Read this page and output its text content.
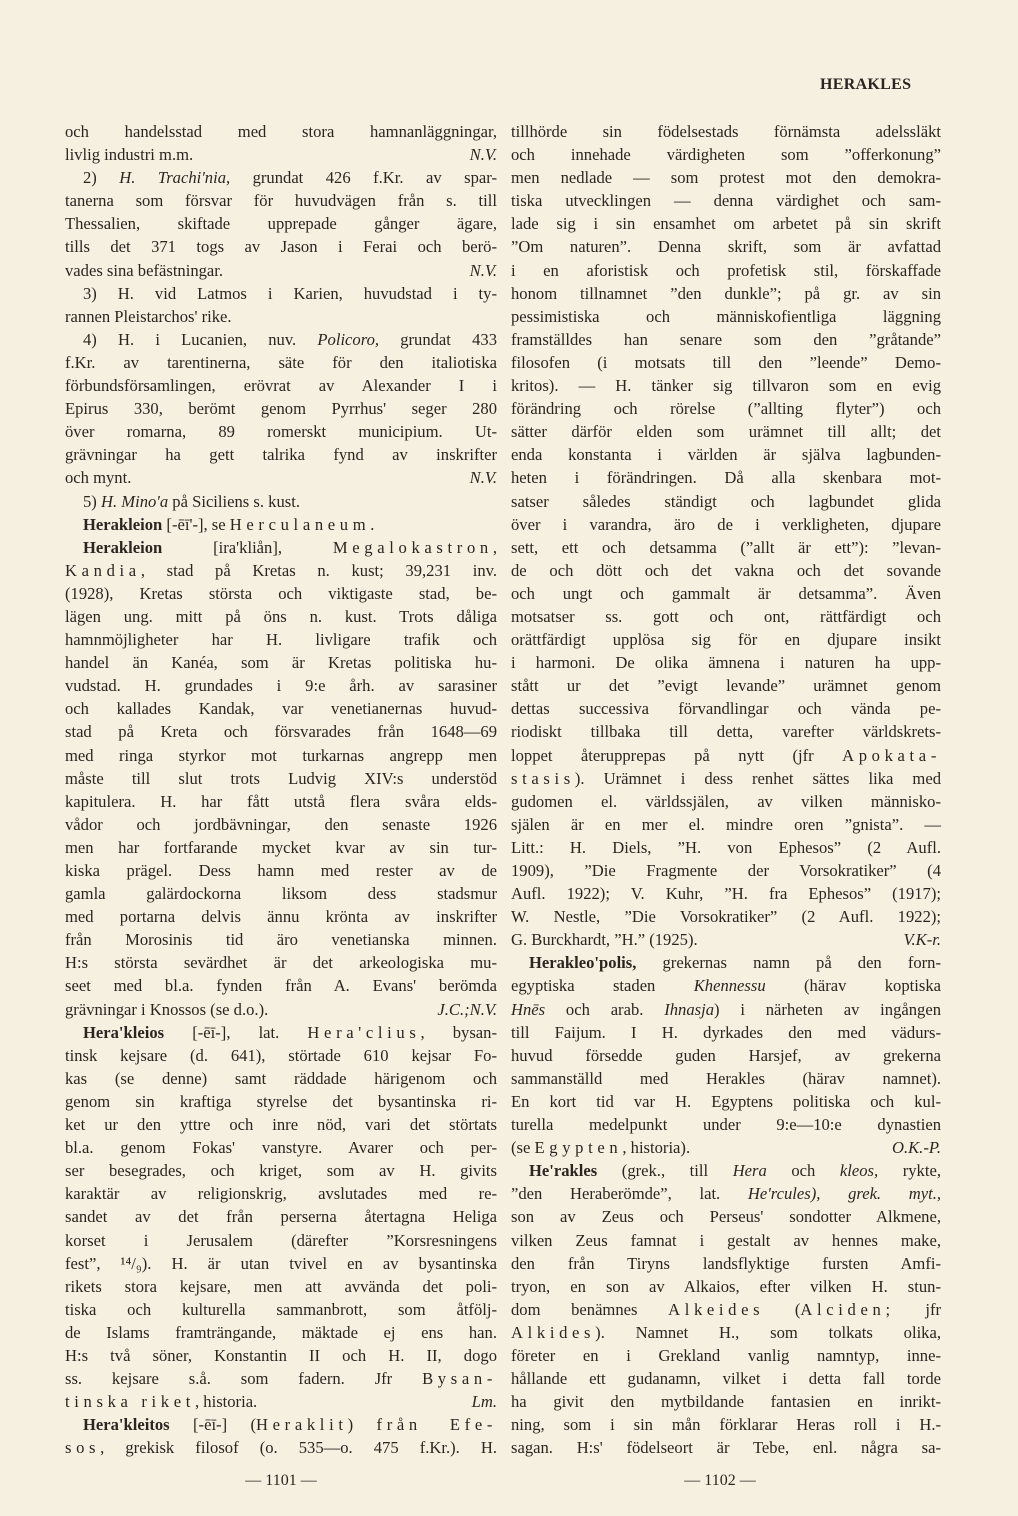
HERAKLES
och handelsstad med stora hamnanläggningar,
livlig industri m.m.	N.V.
2) H. Trachi'nia, grundat 426 f.Kr. av spar-
tanerna som försvar för huvudvägen från s. till
Thessalien, skiftade upprepade gånger ägare,
tills det 371 togs av Jason i Ferai och berö-
vades sina befästningar.	N.V.
3) H. vid Latmos i Karien, huvudstad i ty-
rannen Pleistarchos' rike.
4) H. i Lucanien, nuv. Policoro, grundat 433
f.Kr. av tarentinerna, säte för den italiotiska
förbundsförsamlingen, erövrat av Alexander I i
Epirus 330, berömt genom Pyrrhus' seger 280
över romarna, 89 romerskt municipium. Ut-
grävningar ha gett talrika fynd av inskrifter
och mynt.	N.V.
5) H. Mino'a på Siciliens s. kust.
Herakleion [-ēī'-], se Herculaneum.
Herakleion [ira'kliån], Megalokastron,
Kandia, stad på Kretas n. kust; 39,231 inv.
(1928), Kretas största och viktigaste stad, be-
lägen ung. mitt på öns n. kust. Trots dåliga
hamnmöjligheter har H. livligare trafik och
handel än Kanéa, som är Kretas politiska hu-
vudstad. H. grundades i 9:e årh. av sarasiner
och kallades Kandak, var venetianernas huvud-
stad på Kreta och försvarades från 1648—69
med ringa styrkor mot turkarnas angrepp men
måste till slut trots Ludvig XIV:s understöd
kapitulera. H. har fått utstå flera svåra elds-
vådor och jordbävningar, den senaste 1926
men har fortfarande mycket kvar av sin tur-
kiska prägel. Dess hamn med rester av de
gamla galärdockorna liksom dess stadsmur
med portarna delvis ännu krönta av inskrifter
från Morosinis tid äro venetianska minnen.
H:s största sevärdhet är det arkeologiska mu-
seet med bl.a. fynden från A. Evans' berömda
grävningar i Knossos (se d.o.).	J.C.;N.V.
Hera'kleios [-ēī-], lat. Hera'clius, bysan-
tinsk kejsare (d. 641), störtade 610 kejsar Fo-
kas (se denne) samt räddade härigenom och
genom sin kraftiga styrelse det bysantinska ri-
ket ur den yttre och inre nöd, vari det störtats
bl.a. genom Fokas' vanstyre. Avarer och per-
ser besegrades, och kriget, som av H. givits
karaktär av religionskrig, avslutades med re-
sandet av det från perserna återtagna Heliga
korset i Jerusalem (därefter ”Korsresningens
fest”, ¹⁴/₉). H. är utan tvivel en av bysantinska
rikets stora kejsare, men att avvända det poli-
tiska och kulturella sammanbrott, som åtfölj-
de Islams framträngande, mäktade ej ens han.
H:s två söner, Konstantin II och H. II, dogo
ss. kejsare s.å. som fadern. Jfr Bysan-
tinska riket, historia.	Lm.
Hera'kleitos [-ēī-] (Heraklit) från Efe-
sos, grekisk filosof (o. 535—o. 475 f.Kr.). H.
tillhörde sin födelsestads förnämsta adelssläkt
och innehade värdigheten som ”offerkonung”
men nedlade — som protest mot den demokra-
tiska utvecklingen — denna värdighet och sam-
lade sig i sin ensamhet om arbetet på sin skrift
”Om naturen”. Denna skrift, som är avfattad
i en aforistisk och profetisk stil, förskaffade
honom tillnamnet ”den dunkle”; på gr. av sin
pessimistiska och människofientliga läggning
framställdes han senare som den ”gråtande”
filosofen (i motsats till den ”leende” Demo-
kritos). — H. tänker sig tillvaron som en evig
förändring och rörelse (”allting flyter”) och
sätter därför elden som urämnet till allt; det
enda konstanta i världen är själva lagbunden-
heten i förändringen. Då alla skenbara mot-
satser således ständigt och lagbundet glida
över i varandra, äro de i verkligheten, djupare
sett, ett och detsamma (”allt är ett”): ”levan-
de och dött och det vakna och det sovande
och ungt och gammalt är detsamma”. Även
motsatser ss. gott och ont, rättfärdigt och
orättfärdigt upplösa sig för en djupare insikt
i harmoni. De olika ämnena i naturen ha upp-
stått ur det ”evigt levande” urämnet genom
dettas successiva förvandlingar och vända pe-
riodiskt tillbaka till detta, varefter världskrets-
loppet återupprepas på nytt (jfr Apokata-
stasis). Urämnet i dess renhet sättes lika med
gudomen el. världssjälen, av vilken människo-
själen är en mer el. mindre oren ”gnista”. —
Litt.: H. Diels, ”H. von Ephesos” (2 Aufl.
1909), ”Die Fragmente der Vorsokratiker” (4
Aufl. 1922); V. Kuhr, ”H. fra Ephesos” (1917);
W. Nestle, ”Die Vorsokratiker” (2 Aufl. 1922);
G. Burckhardt, ”H.” (1925).	V.K-r.
Herakleo'polis, grekernas namn på den forn-
egyptiska staden Khennessu (härav koptiska
Hnēs och arab. Ihnasja) i närheten av ingången
till Faijum. I H. dyrkades den med vädurs-
huvud försedde guden Harsjef, av grekerna
sammanställd med Herakles (härav namnet).
En kort tid var H. Egyptens politiska och kul-
turella medelpunkt under 9:e—10:e dynastien
(se Egypten, historia).	O.K.-P.
He'rakles (grek., till Hera och kleos, rykte,
”den Heraberömde”, lat. He'rcules), grek. myt.,
son av Zeus och Perseus' sondotter Alkmene,
vilken Zeus famnat i gestalt av hennes make,
den från Tiryns landsflyktige fursten Amfi-
tryon, en son av Alkaios, efter vilken H. stun-
dom benämnes Alkeides (Alciden; jfr
Alkides). Namnet H., som tolkats olika,
företer en i Grekland vanlig namntyp, inne-
hållande ett gudanamn, vilket i detta fall torde
ha givit den mytbildande fantasien en inrikt-
ning, som i sin mån förklarar Heras roll i H.-
sagan. H:s' födelseort är Tebe, enl. några sa-
— 1101 —	— 1102 —
